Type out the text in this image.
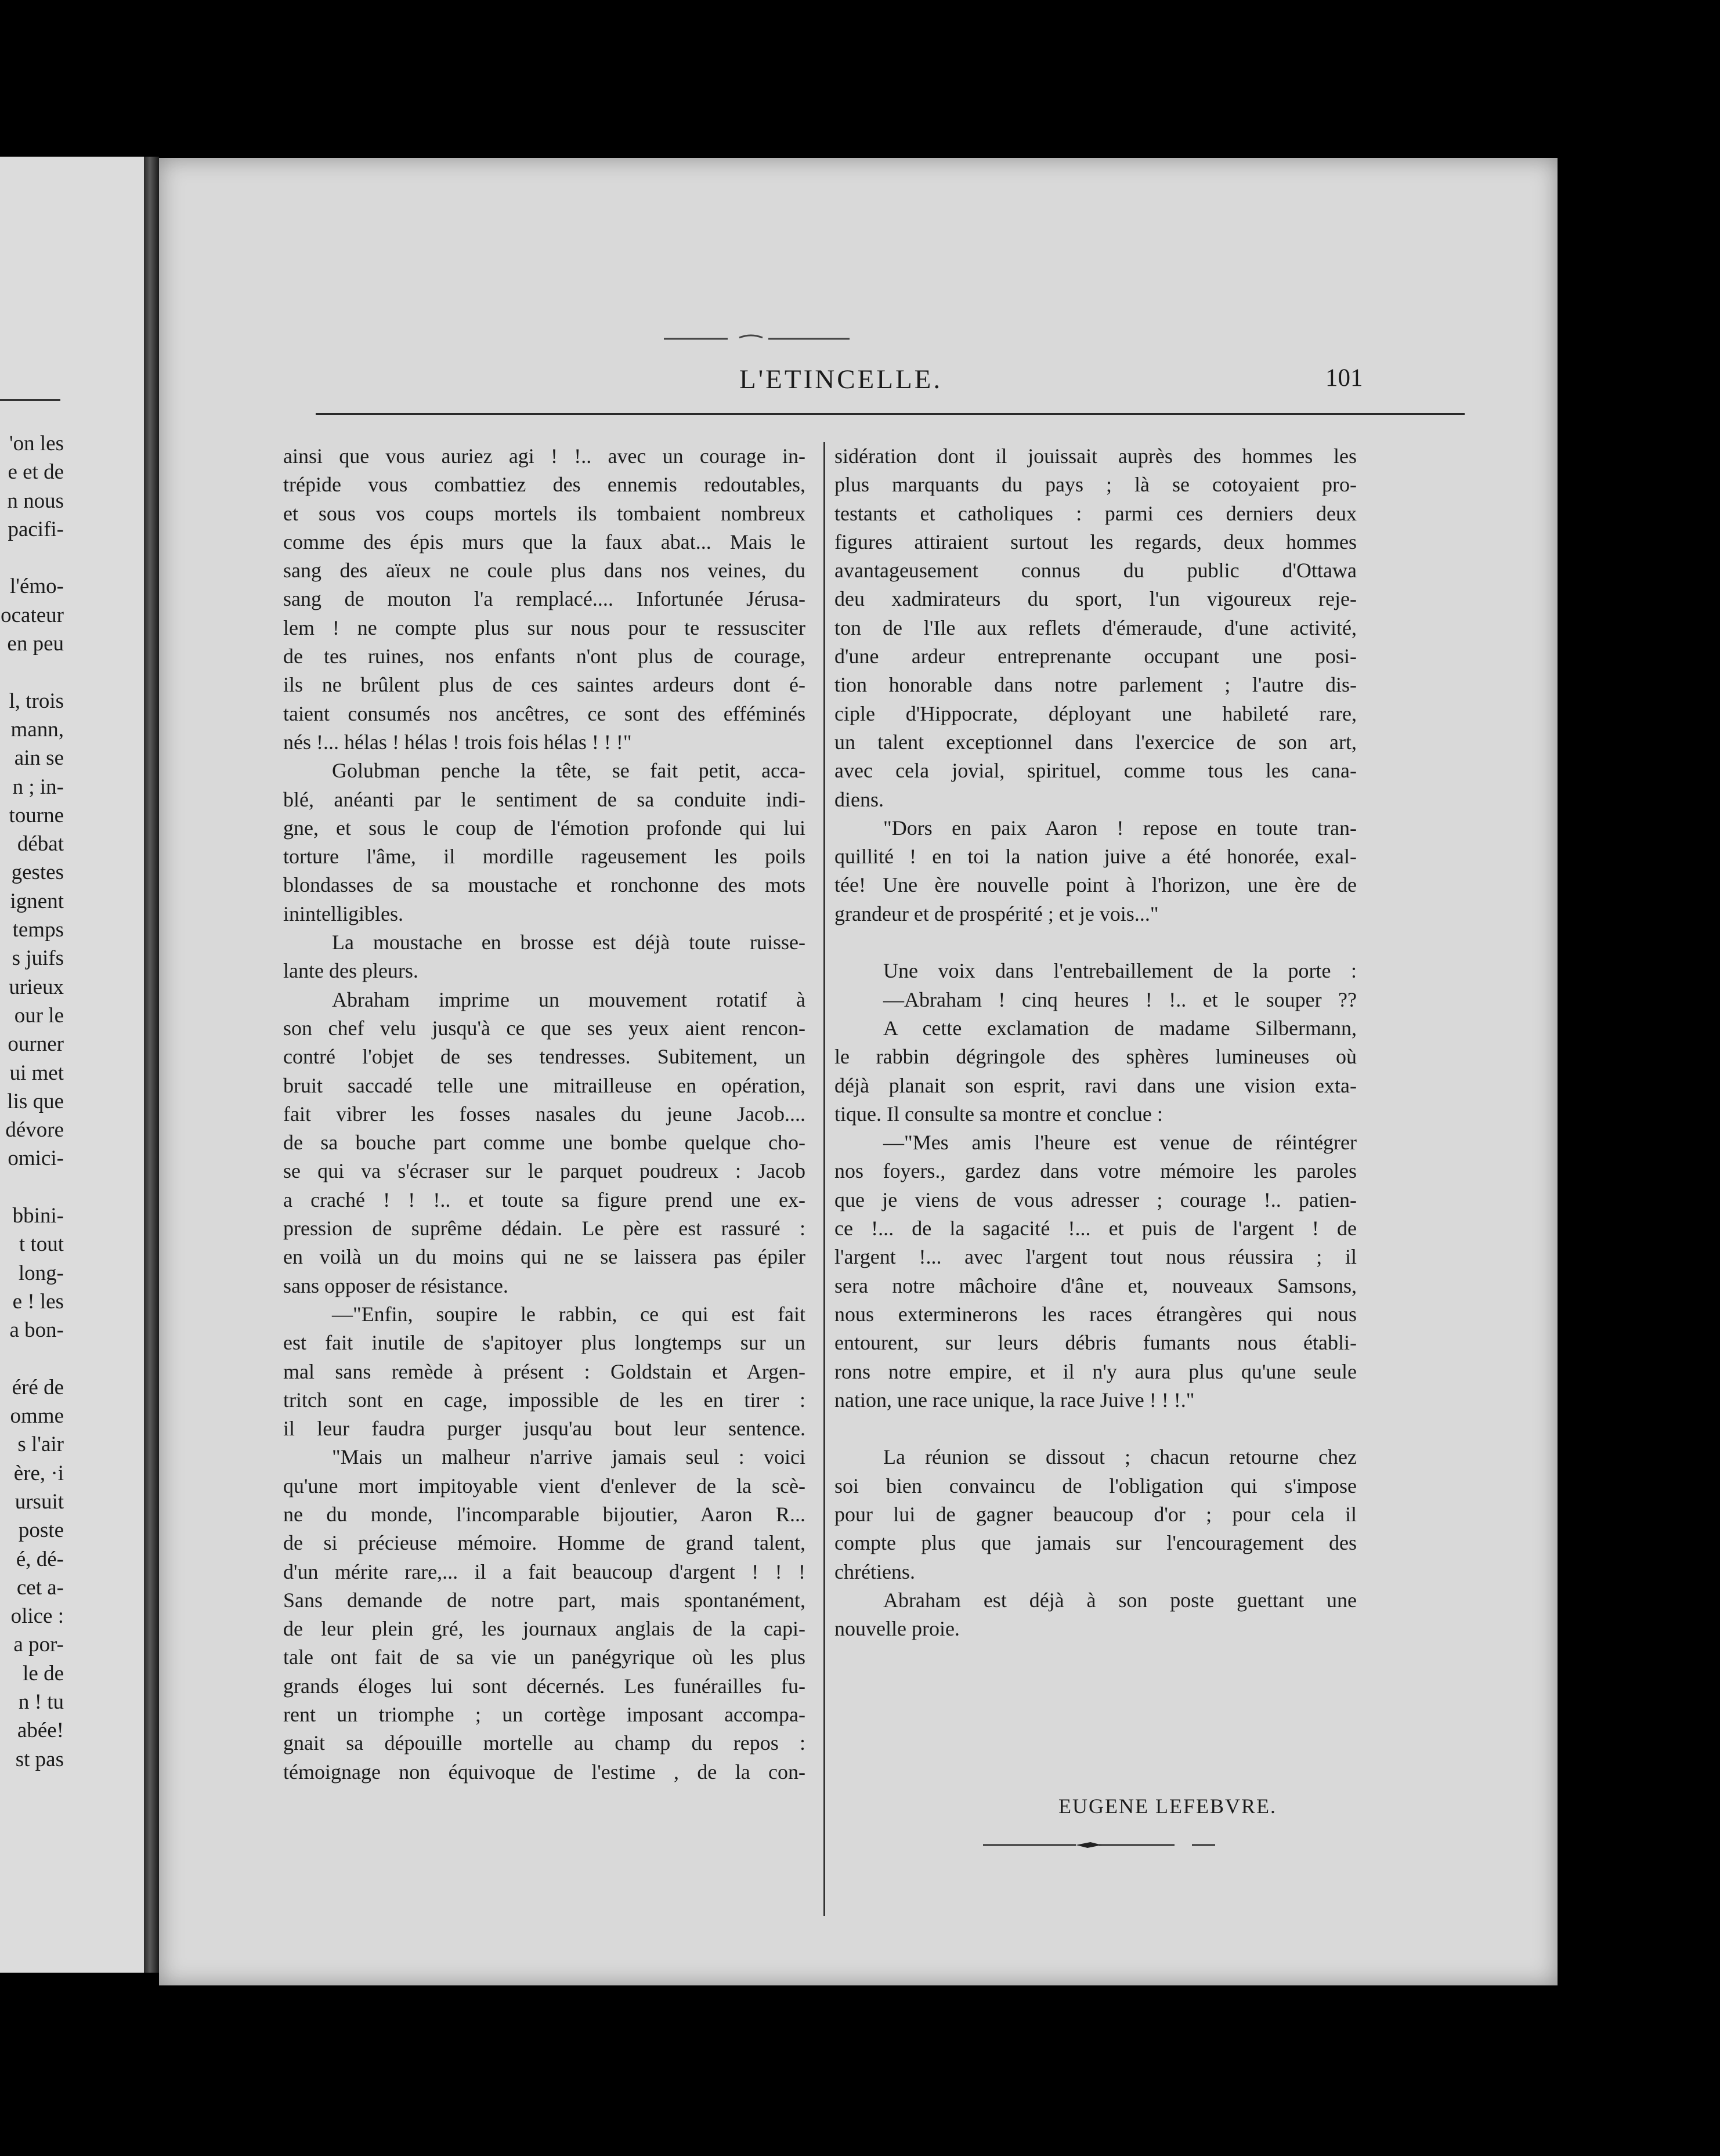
'on les
e et de
n nous
pacifi-

l'émo-
ocateur
en peu

l, trois
mann,
ain se
n ; in-
tourne
débat
gestes
ignent
temps
s juifs
urieux
our le
ourner
ui met
lis que
dévore
omici-

bbini-
t tout
long-
e ! les
a bon-

éré de
omme
s l'air
ère, ·i
ursuit
poste
é, dé-
cet a-
olice :
a por-
le de
n ! tu
abée!
st pas
L'ETINCELLE.	101

ainsi que vous auriez agi ! !.. avec un courage in-

trépide vous combattiez des ennemis redoutables,

et sous vos coups mortels ils tombaient nombreux

comme des épis murs que la faux abat... Mais le

sang des aïeux ne coule plus dans nos veines, du

sang de mouton l'a remplacé.... Infortunée Jérusa-

lem ! ne compte plus sur nous pour te ressusciter

de tes ruines, nos enfants n'ont plus de courage,

ils ne brûlent plus de ces saintes ardeurs dont é-

taient consumés nos ancêtres, ce sont des efféminés

nés !... hélas ! hélas ! trois fois hélas ! ! !"

Golubman penche la tête, se fait petit, acca-

blé, anéanti par le sentiment de sa conduite indi-

gne, et sous le coup de l'émotion profonde qui lui

torture l'âme, il mordille rageusement les poils

blondasses de sa moustache et ronchonne des mots

inintelligibles.

La moustache en brosse est déjà toute ruisse-

lante des pleurs.

Abraham imprime un mouvement rotatif à

son chef velu jusqu'à ce que ses yeux aient rencon-

contré l'objet de ses tendresses. Subitement, un

bruit saccadé telle une mitrailleuse en opération,

fait vibrer les fosses nasales du jeune Jacob....

de sa bouche part comme une bombe quelque cho-

se qui va s'écraser sur le parquet poudreux : Jacob

a craché ! ! !.. et toute sa figure prend une ex-

pression de suprême dédain. Le père est rassuré :

en voilà un du moins qui ne se laissera pas épiler

sans opposer de résistance.

—"Enfin, soupire le rabbin, ce qui est fait

est fait inutile de s'apitoyer plus longtemps sur un

mal sans remède à présent : Goldstain et Argen-

tritch sont en cage, impossible de les en tirer :

il leur faudra purger jusqu'au bout leur sentence.

"Mais un malheur n'arrive jamais seul : voici

qu'une mort impitoyable vient d'enlever de la scè-

ne du monde, l'incomparable bijoutier, Aaron R...

de si précieuse mémoire. Homme de grand talent,

d'un mérite rare,... il a fait beaucoup d'argent ! ! !

Sans demande de notre part, mais spontanément,

de leur plein gré, les journaux anglais de la capi-

tale ont fait de sa vie un panégyrique où les plus

grands éloges lui sont décernés. Les funérailles fu-

rent un triomphe ; un cortège imposant accompa-

gnait sa dépouille mortelle au champ du repos :

témoignage non équivoque de l'estime , de la con-

sidération dont il jouissait auprès des hommes les

plus marquants du pays ; là se cotoyaient pro-

testants et catholiques : parmi ces derniers deux

figures attiraient surtout les regards, deux hommes

avantageusement connus du public d'Ottawa

deu xadmirateurs du sport, l'un vigoureux reje-

ton de l'Ile aux reflets d'émeraude, d'une activité,

d'une ardeur entreprenante occupant une posi-

tion honorable dans notre parlement ; l'autre dis-

ciple d'Hippocrate, déployant une habileté rare,

un talent exceptionnel dans l'exercice de son art,

avec cela jovial, spirituel, comme tous les cana-

diens.

"Dors en paix Aaron ! repose en toute tran-

quillité ! en toi la nation juive a été honorée, exal-

tée! Une ère nouvelle point à l'horizon, une ère de

grandeur et de prospérité ; et je vois..."

Une voix dans l'entrebaillement de la porte :

—Abraham ! cinq heures ! !.. et le souper ??

A cette exclamation de madame Silbermann,

le rabbin dégringole des sphères lumineuses où

déjà planait son esprit, ravi dans une vision exta-

tique. Il consulte sa montre et conclue :

—"Mes amis l'heure est venue de réintégrer

nos foyers., gardez dans votre mémoire les paroles

que je viens de vous adresser ; courage !.. patien-

ce !... de la sagacité !... et puis de l'argent ! de

l'argent !... avec l'argent tout nous réussira ; il

sera notre mâchoire d'âne et, nouveaux Samsons,

nous exterminerons les races étrangères qui nous

entourent, sur leurs débris fumants nous établi-

rons notre empire, et il n'y aura plus qu'une seule

nation, une race unique, la race Juive ! ! !."

La réunion se dissout ; chacun retourne chez

soi bien convaincu de l'obligation qui s'impose

pour lui de gagner beaucoup d'or ; pour cela il

compte plus que jamais sur l'encouragement des

chrétiens.

Abraham est déjà à son poste guettant une

nouvelle proie.

EUGENE LEFEBVRE.
